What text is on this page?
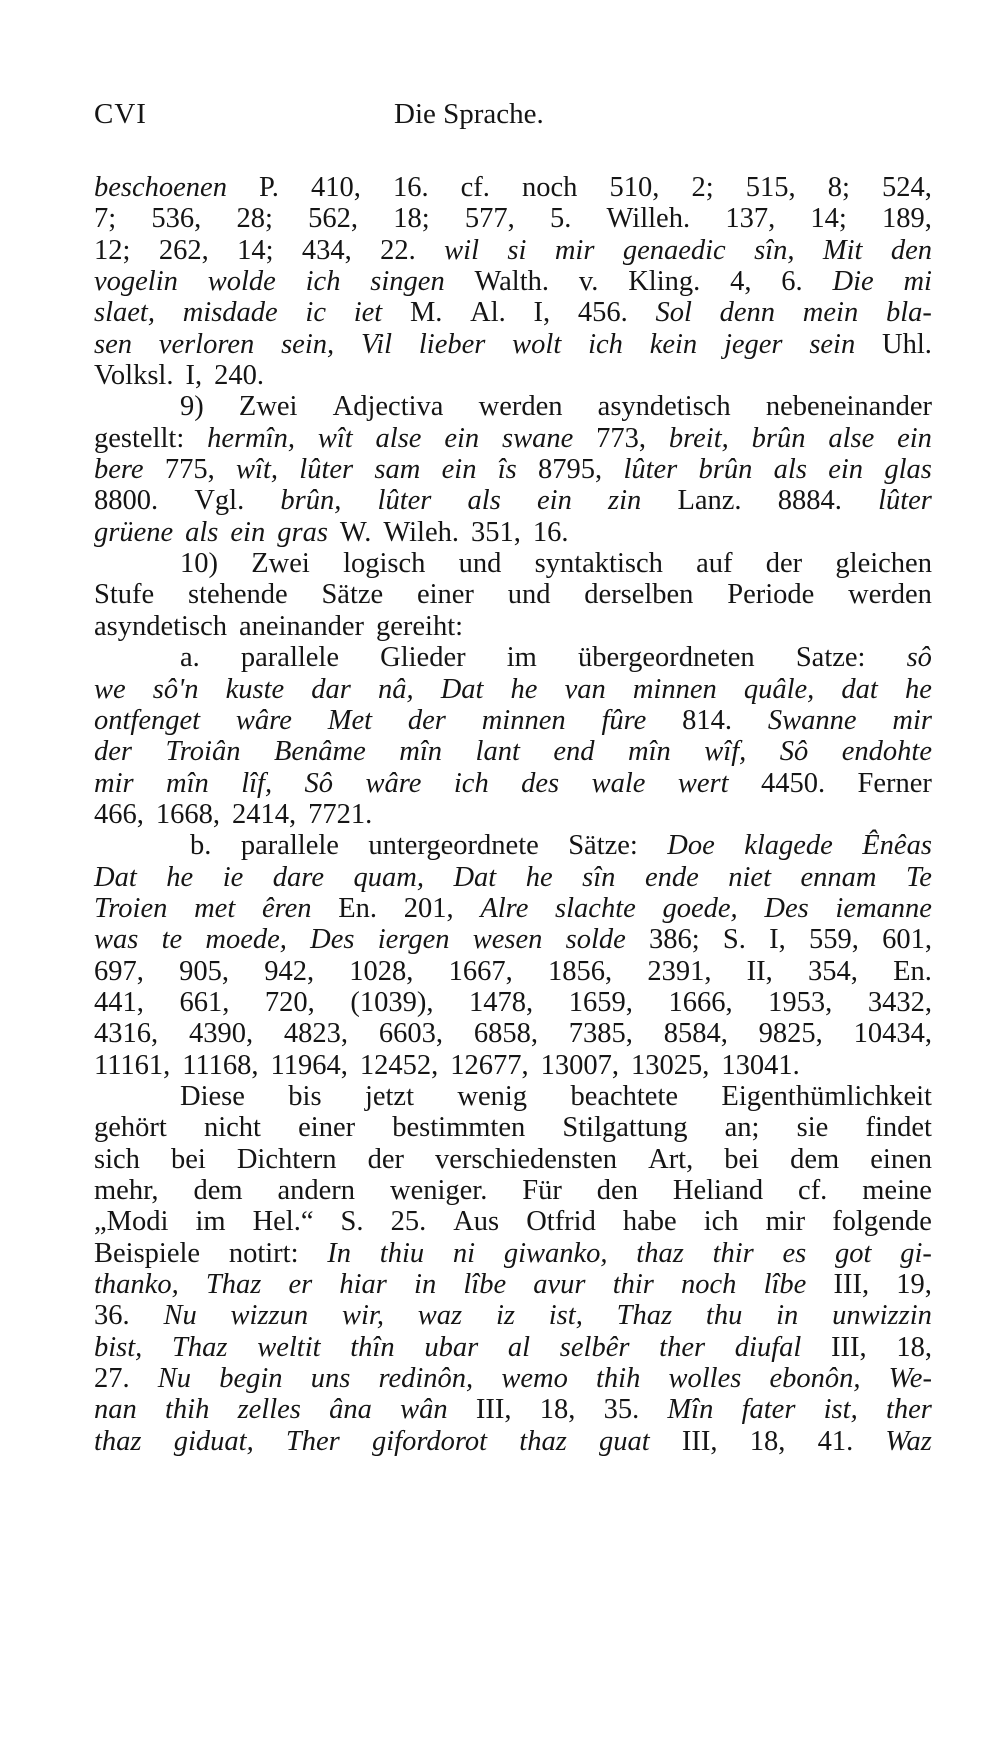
CVI	Die Sprache.
beschoenen P. 410, 16. cf. noch 510, 2; 515, 8; 524,
7; 536, 28; 562, 18; 577, 5. Willeh. 137, 14; 189,
12; 262, 14; 434, 22. wil si mir genaedic sîn, Mit den
vogelin wolde ich singen Walth. v. Kling. 4, 6. Die mi
slaet, misdade ic iet M. Al. I, 456. Sol denn mein bla-
sen verloren sein, Vil lieber wolt ich kein jeger sein Uhl.
Volksl. I, 240.
9) Zwei Adjectiva werden asyndetisch nebeneinander
gestellt: hermîn, wît alse ein swane 773, breit, brûn alse ein
bere 775, wît, lûter sam ein îs 8795, lûter brûn als ein glas
8800. Vgl. brûn, lûter als ein zin Lanz. 8884. lûter
grüene als ein gras W. Wileh. 351, 16.
10) Zwei logisch und syntaktisch auf der gleichen
Stufe stehende Sätze einer und derselben Periode werden
asyndetisch aneinander gereiht:
a. parallele Glieder im übergeordneten Satze: sô
we sô'n kuste dar nâ, Dat he van minnen quâle, dat he
ontfenget wâre Met der minnen fûre 814. Swanne mir
der Troiân Benâme mîn lant end mîn wîf, Sô endohte
mir mîn lîf, Sô wâre ich des wale wert 4450. Ferner
466, 1668, 2414, 7721.
b. parallele untergeordnete Sätze: Doe klagede Ênêas
Dat he ie dare quam, Dat he sîn ende niet ennam Te
Troien met êren En. 201, Alre slachte goede, Des iemanne
was te moede, Des iergen wesen solde 386; S. I, 559, 601,
697, 905, 942, 1028, 1667, 1856, 2391, II, 354, En.
441, 661, 720, (1039), 1478, 1659, 1666, 1953, 3432,
4316, 4390, 4823, 6603, 6858, 7385, 8584, 9825, 10434,
11161, 11168, 11964, 12452, 12677, 13007, 13025, 13041.
Diese bis jetzt wenig beachtete Eigenthümlichkeit
gehört nicht einer bestimmten Stilgattung an; sie findet
sich bei Dichtern der verschiedensten Art, bei dem einen
mehr, dem andern weniger. Für den Heliand cf. meine
„Modi im Hel.“ S. 25. Aus Otfrid habe ich mir folgende
Beispiele notirt: In thiu ni giwanko, thaz thir es got gi-
thanko, Thaz er hiar in lîbe avur thir noch lîbe III, 19,
36. Nu wizzun wir, waz iz ist, Thaz thu in unwizzin
bist, Thaz weltit thîn ubar al selbêr ther diufal III, 18,
27. Nu begin uns redinôn, wemo thih wolles ebonôn, We-
nan thih zelles âna wân III, 18, 35. Mîn fater ist, ther
thaz giduat, Ther gifordorot thaz guat III, 18, 41. Waz
